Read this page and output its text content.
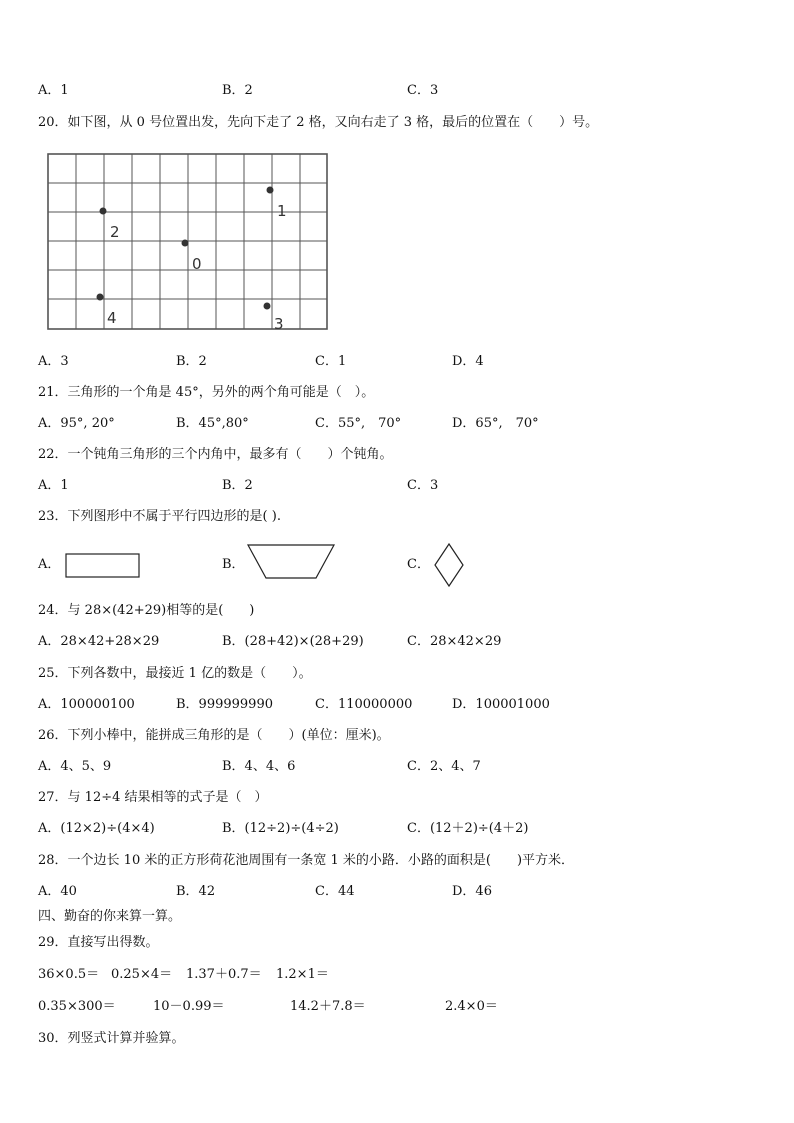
A．1	B．2	C．3
20．如下图，从 0 号位置出发，先向下走了 2 格，又向右走了 3 格，最后的位置在（　　）号。
0
1
2
3
4
A．3	B．2	C．1	D．4
21．三角形的一个角是 45°，另外的两个角可能是（　）。
A．95°, 20°	B．45°,80°	C．55°,　70°	D．65°,　70°
22．一个钝角三角形的三个内角中，最多有（　　）个钝角。
A．1	B．2	C．3
23．下列图形中不属于平行四边形的是( ).
A．	B．	C．
24．与 28×(42+29)相等的是(　　)
A．28×42+28×29	B．(28+42)×(28+29)	C．28×42×29
25．下列各数中，最接近 1 亿的数是（　　）。
A．100000100	B．999999990	C．110000000	D．100001000
26．下列小棒中，能拼成三角形的是（　　）(单位：厘米)。
A．4、5、9	B．4、4、6	C．2、4、7
27．与 12÷4 结果相等的式子是（　）
A．(12×2)÷(4×4)	B．(12÷2)÷(4÷2)	C．(12＋2)÷(4＋2)
28．一个边长 10 米的正方形荷花池周围有一条宽 1 米的小路．小路的面积是(　　)平方米．
A．40	B．42	C．44	D．46
四、勤奋的你来算一算。
29．直接写出得数。
36×0.5＝ 0.25×4＝ 1.37＋0.7＝ 1.2×1＝
0.35×300＝	10－0.99＝	14.2＋7.8＝	2.4×0＝
30．列竖式计算并验算。
